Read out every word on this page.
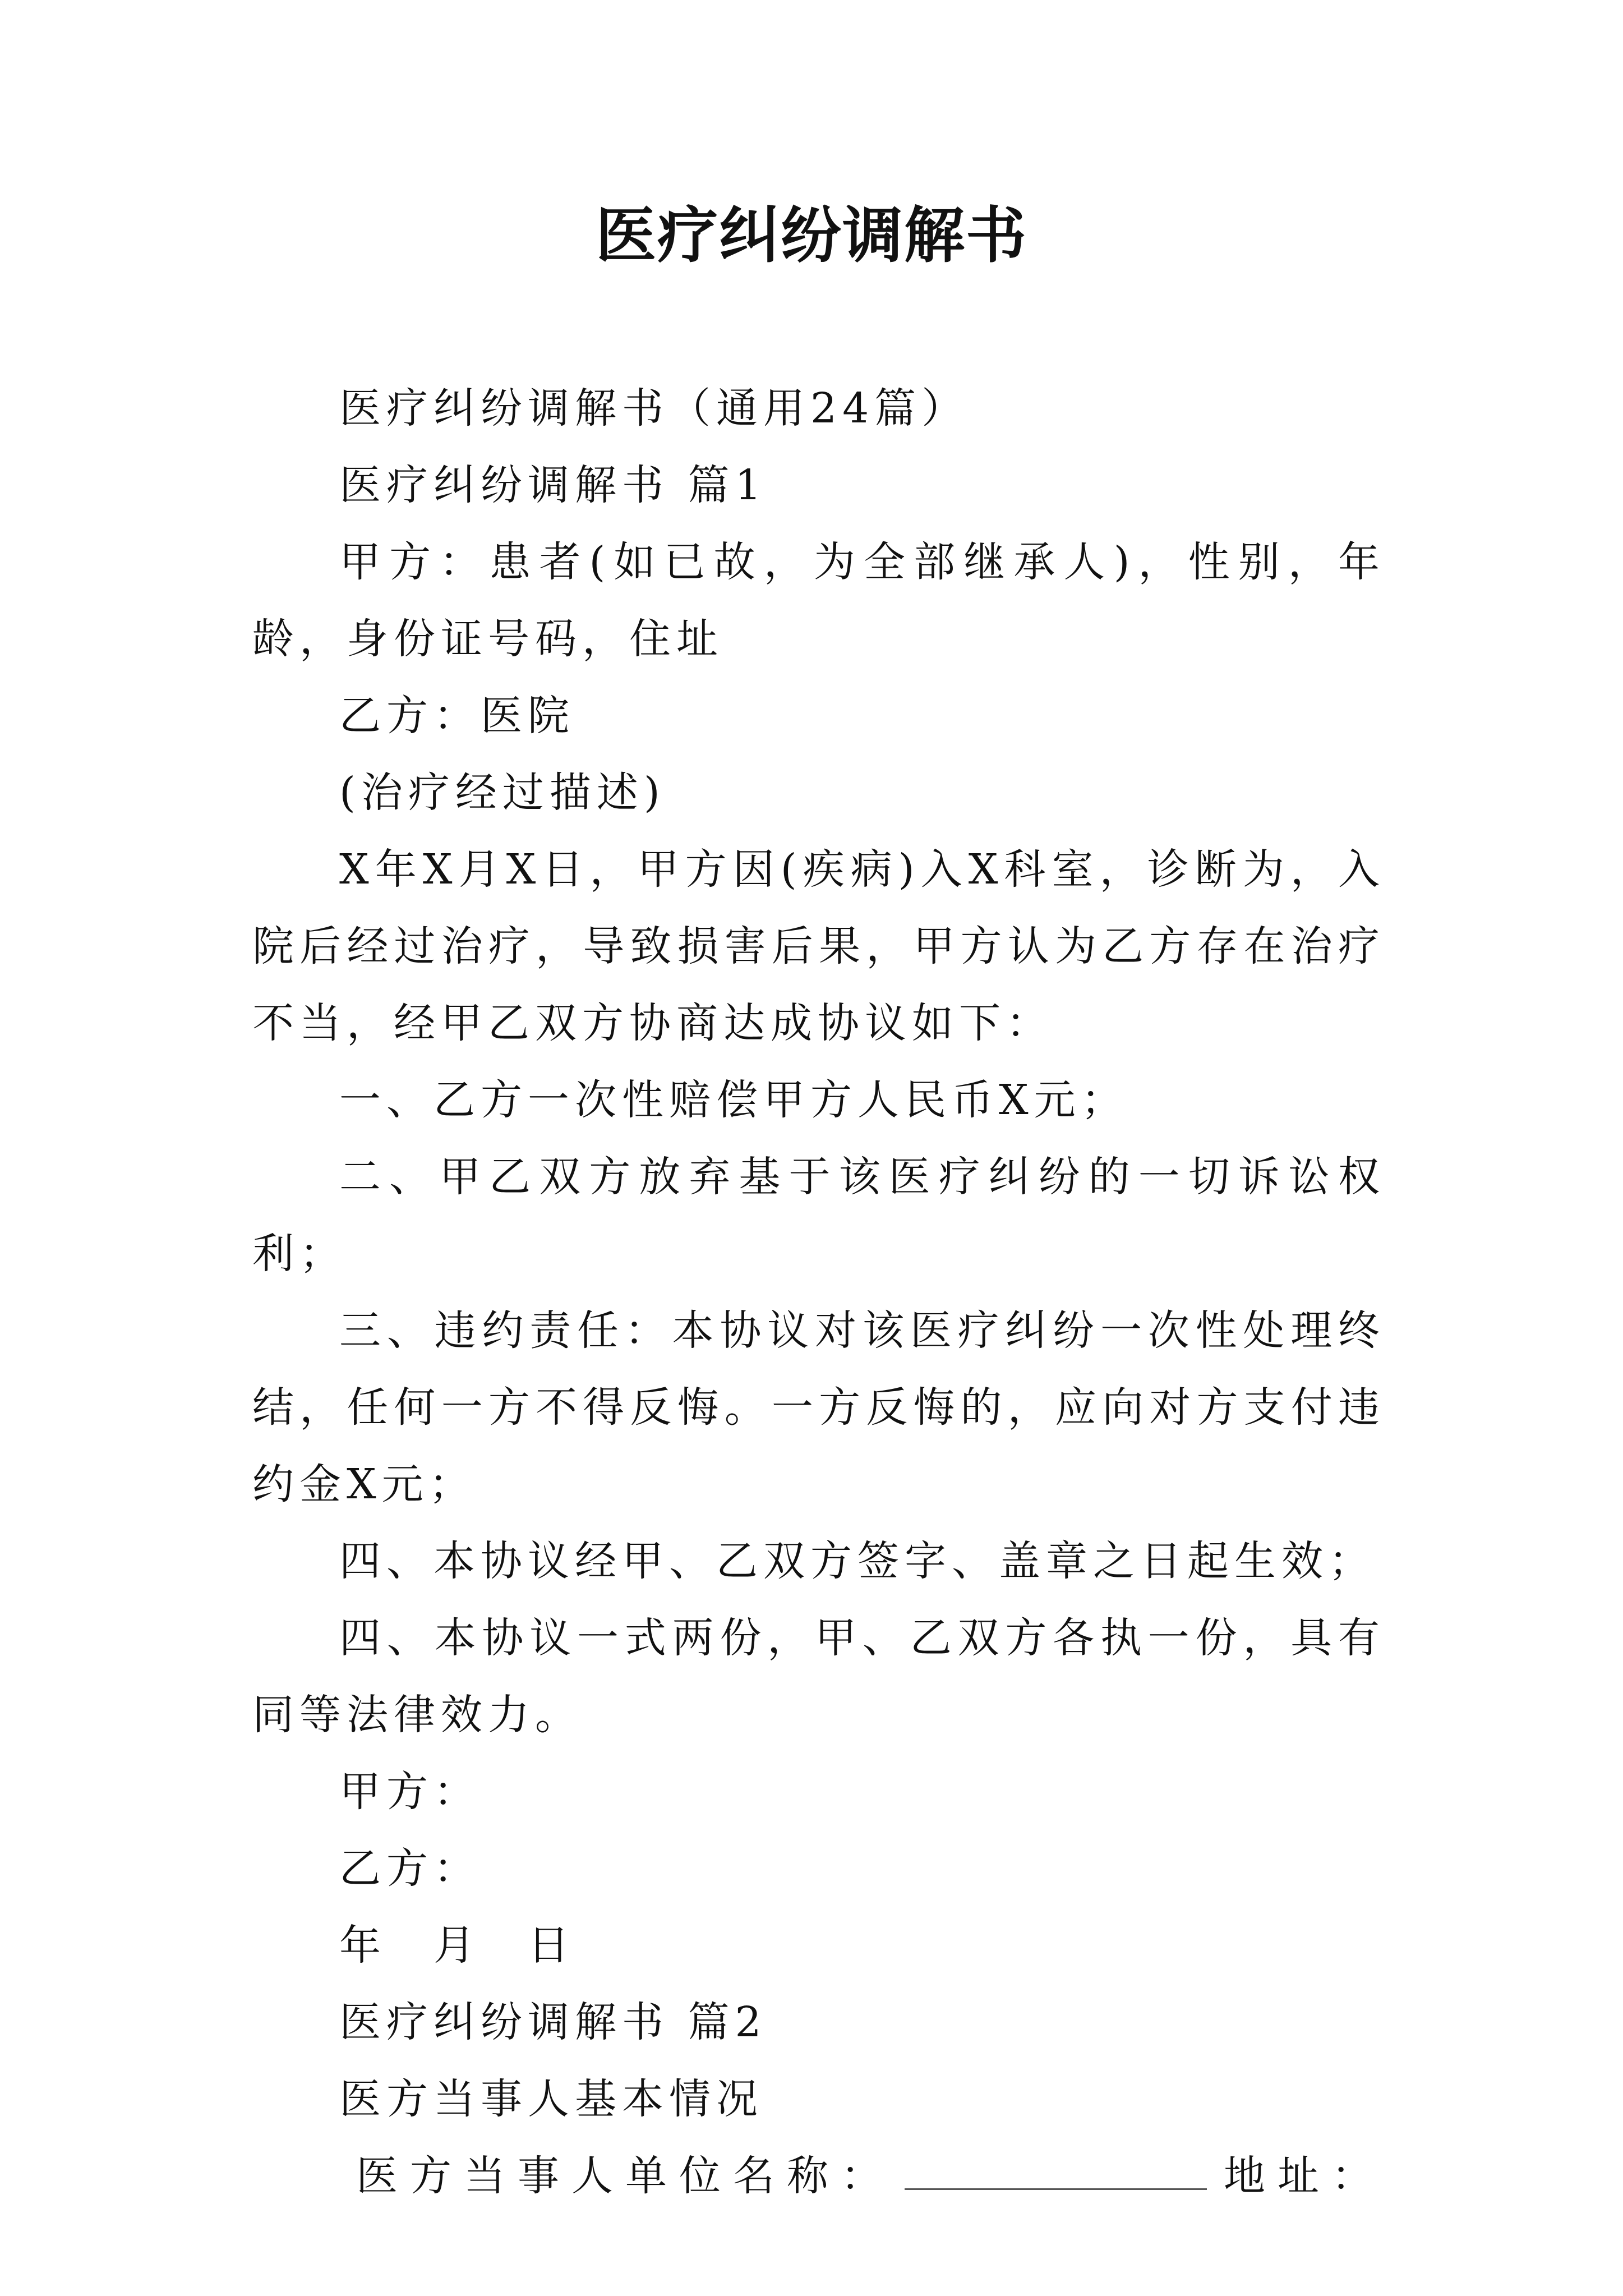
医疗纠纷调解书

医疗纠纷调解书（通用24篇）

医疗纠纷调解书 篇1

甲方：患者(如已故，为全部继承人)，性别，年龄，身份证号码，住址

乙方：医院

(治疗经过描述)

X年X月X日，甲方因(疾病)入X科室，诊断为，入院后经过治疗，导致损害后果，甲方认为乙方存在治疗不当，经甲乙双方协商达成协议如下：

一、乙方一次性赔偿甲方人民币X元；

二、甲乙双方放弃基于该医疗纠纷的一切诉讼权利；

三、违约责任：本协议对该医疗纠纷一次性处理终结，任何一方不得反悔。一方反悔的，应向对方支付违约金X元；

四、本协议经甲、乙双方签字、盖章之日起生效；

四、本协议一式两份，甲、乙双方各执一份，具有同等法律效力。

甲方：

乙方：

年　月　日

医疗纠纷调解书 篇2

医方当事人基本情况

医方当事人单位名称：	地址：
